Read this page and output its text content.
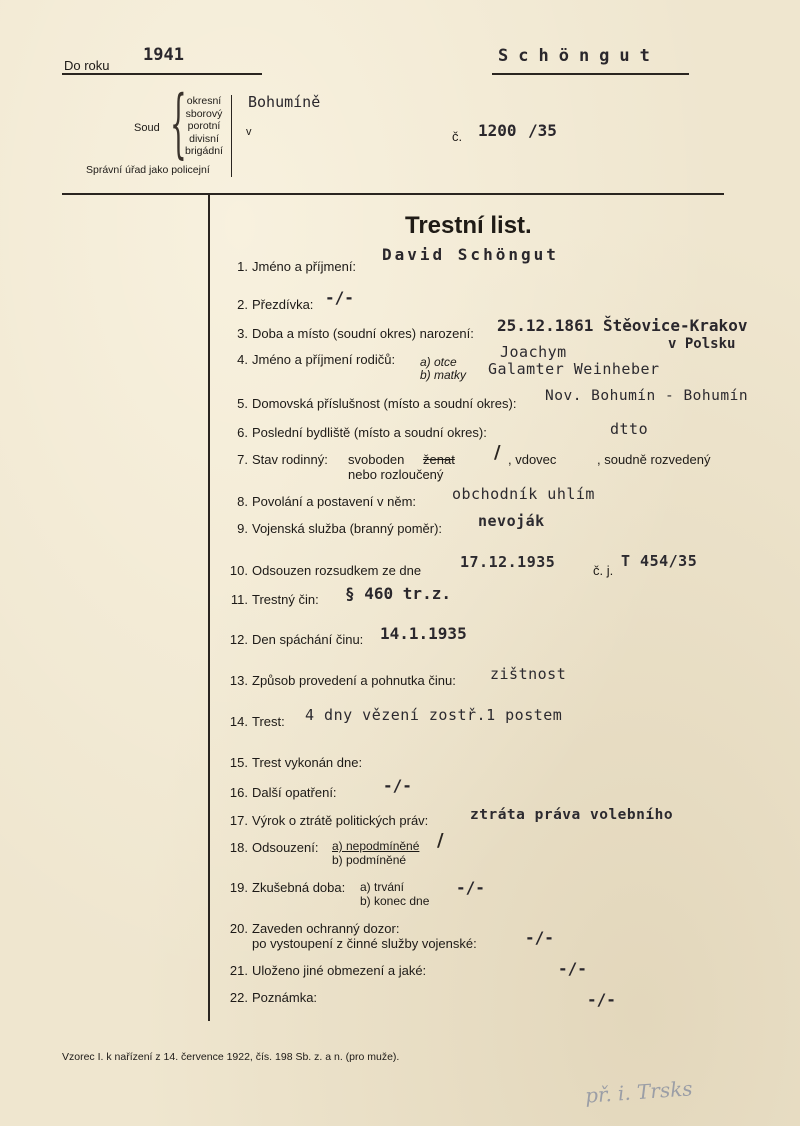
Do roku
1941	Schöngut
Soud { okresní
sborový
porotní
divisní
brigádní
Správní úřad jako policejní
Bohumíně
v	č. 1200 /35
Trestní list.
1. Jméno a příjmení:
David Schöngut
2. Přezdívka: -/-
3. Doba a místo (soudní okres) narození: 25.12.1861 Štěovice-Krakov
v Polsku
4. Jméno a příjmení rodičů: a) otce
b) matky
Joachym
Galamter Weinheber
5. Domovská příslušnost (místo a soudní okres): Nov. Bohumín - Bohumín
6. Poslední bydliště (místo a soudní okres):	dtto
7. Stav rodinný: svoboden ženat / , vdovec	, soudně rozvedený
nebo rozloučený
8. Povolání a postavení v něm: obchodník uhlím
9. Vojenská služba (branný poměr): nevoják
10. Odsouzen rozsudkem ze dne	17.12.1935	č. j.
T 454/35
11. Trestný čin: § 460 tr.z.
12. Den spáchání činu: 14.1.1935
13. Způsob provedení a pohnutka činu: zištnost
14. Trest: 4 dny vězení zostř.1 postem
15. Trest vykonán dne:
16. Další opatření:	-/-
17. Výrok o ztrátě politických práv:	ztráta práva volebního
18. Odsouzení: a) nepodmíněné /
b) podmíněné
19. Zkušebná doba: a) trvání
b) konec dne
-/-
20. Zaveden ochranný dozor:
po vystoupení z činné služby vojenské:	-/-
21. Uloženo jiné obmezení a jaké:	-/-
22. Poznámka:	-/-
Vzorec I. k nařízení z 14. července 1922, čís. 198 Sb. z. a n. (pro muže).
př. i. Trsks
